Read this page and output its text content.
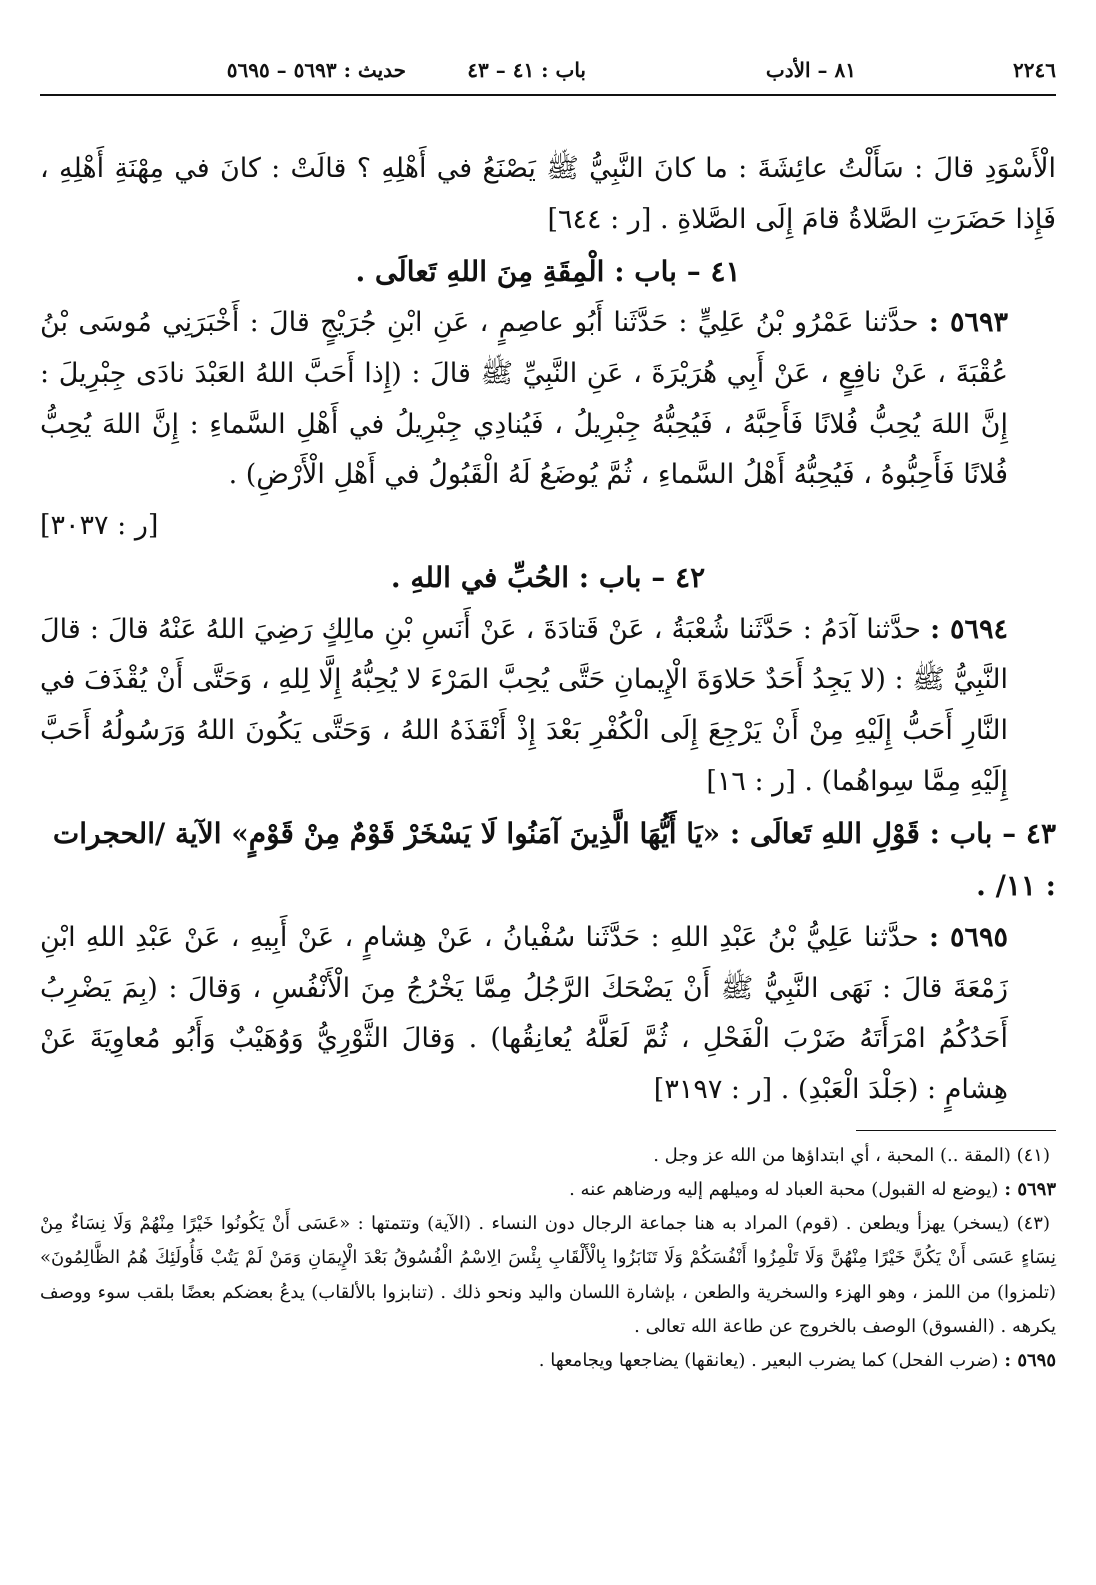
٢٢٤٦
٨١ – الأدب
باب : ٤١ – ٤٣
حديث : ٥٦٩٣ – ٥٦٩٥

الْأَسْوَدِ قالَ : سَأَلْتُ عائِشَةَ : ما كانَ النَّبِيُّ ﷺ يَصْنَعُ في أَهْلِهِ ؟ قالَتْ : كانَ في مِهْنَةِ أَهْلِهِ ، فَإِذا حَضَرَتِ الصَّلاةُ قامَ إِلَى الصَّلاةِ . [ر : ٦٤٤]

٤١ – باب : الْمِقَةِ مِنَ اللهِ تَعالَى .

٥٦٩٣ : حدَّثنا عَمْرُو بْنُ عَلِيٍّ : حَدَّثَنا أَبُو عاصِمٍ ، عَنِ ابْنِ جُرَيْجٍ قالَ : أَخْبَرَنِي مُوسَى بْنُ عُقْبَةَ ، عَنْ نافِعٍ ، عَنْ أَبِي هُرَيْرَةَ ، عَنِ النَّبِيِّ ﷺ قالَ : (إِذا أَحَبَّ اللهُ العَبْدَ نادَى جِبْرِيلَ : إِنَّ اللهَ يُحِبُّ فُلانًا فَأَحِبَّهُ ، فَيُحِبُّهُ جِبْرِيلُ ، فَيُنادِي جِبْرِيلُ في أَهْلِ السَّماءِ : إِنَّ اللهَ يُحِبُّ فُلانًا فَأَحِبُّوهُ ، فَيُحِبُّهُ أَهْلُ السَّماءِ ، ثُمَّ يُوضَعُ لَهُ الْقَبُولُ في أَهْلِ الْأَرْضِ) .

[ر : ٣٠٣٧]

٤٢ – باب : الحُبِّ في اللهِ .

٥٦٩٤ : حدَّثنا آدَمُ : حَدَّثَنا شُعْبَةُ ، عَنْ قَتادَةَ ، عَنْ أَنَسِ بْنِ مالِكٍ رَضِيَ اللهُ عَنْهُ قالَ : قالَ النَّبِيُّ ﷺ : (لا يَجِدُ أَحَدٌ حَلاوَةَ الْإِيمانِ حَتَّى يُحِبَّ المَرْءَ لا يُحِبُّهُ إِلَّا لِلهِ ، وَحَتَّى أَنْ يُقْذَفَ في النَّارِ أَحَبُّ إِلَيْهِ مِنْ أَنْ يَرْجِعَ إِلَى الْكُفْرِ بَعْدَ إِذْ أَنْقَذَهُ اللهُ ، وَحَتَّى يَكُونَ اللهُ وَرَسُولُهُ أَحَبَّ إِلَيْهِ مِمَّا سِواهُما) . [ر : ١٦]

٤٣ – باب : قَوْلِ اللهِ تَعالَى : «يَا أَيُّهَا الَّذِينَ آمَنُوا لَا يَسْخَرْ قَوْمٌ مِنْ قَوْمٍ» الآية /الحجرات : ١١/ .

٥٦٩٥ : حدَّثنا عَلِيُّ بْنُ عَبْدِ اللهِ : حَدَّثَنا سُفْيانُ ، عَنْ هِشامٍ ، عَنْ أَبِيهِ ، عَنْ عَبْدِ اللهِ ابْنِ زَمْعَةَ قالَ : نَهَى النَّبِيُّ ﷺ أَنْ يَضْحَكَ الرَّجُلُ مِمَّا يَخْرُجُ مِنَ الْأَنْفُسِ ، وَقالَ : (بِمَ يَضْرِبُ أَحَدُكُمُ امْرَأَتَهُ ضَرْبَ الْفَحْلِ ، ثُمَّ لَعَلَّهُ يُعانِقُها) . وَقالَ الثَّوْرِيُّ وَوُهَيْبٌ وَأَبُو مُعاوِيَةَ عَنْ هِشامٍ : (جَلْدَ الْعَبْدِ) . [ر : ٣١٩٧]

(٤١) (المقة ..) المحبة ، أي ابتداؤها من الله عز وجل .

٥٦٩٣ :(يوضع له القبول) محبة العباد له وميلهم إليه ورضاهم عنه .

(٤٣) (يسخر) يهزأ ويطعن . (قوم) المراد به هنا جماعة الرجال دون النساء . (الآية) وتتمتها : «عَسَى أَنْ يَكُونُوا خَيْرًا مِنْهُمْ وَلَا نِسَاءٌ مِنْ نِسَاءٍ عَسَى أَنْ يَكُنَّ خَيْرًا مِنْهُنَّ وَلَا تَلْمِزُوا أَنْفُسَكُمْ وَلَا تَنَابَزُوا بِالْأَلْقَابِ بِئْسَ الِاسْمُ الْفُسُوقُ بَعْدَ الْإِيمَانِ وَمَنْ لَمْ يَتُبْ فَأُولَئِكَ هُمُ الظَّالِمُونَ» (تلمزوا) من اللمز ، وهو الهزء والسخرية والطعن ، بإشارة اللسان واليد ونحو ذلك . (تنابزوا بالألقاب) يدعُ بعضكم بعضًا بلقب سوء ووصف يكرهه . (الفسوق) الوصف بالخروج عن طاعة الله تعالى .

٥٦٩٥ :(ضرب الفحل) كما يضرب البعير . (يعانقها) يضاجعها ويجامعها .
